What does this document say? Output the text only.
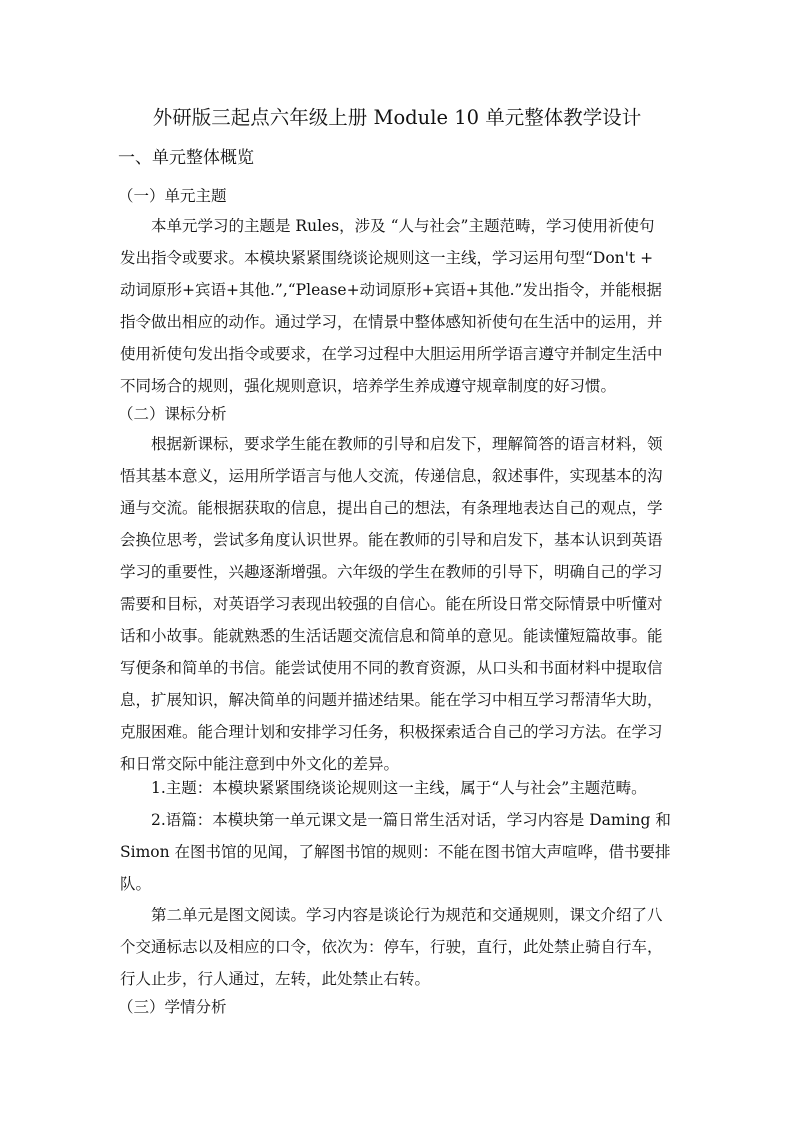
外研版三起点六年级上册 Module 10 单元整体教学设计
一、单元整体概览
（一）单元主题
本单元学习的主题是 Rules，涉及 “人与社会”主题范畴，学习使用祈使句
发出指令或要求。本模块紧紧围绕谈论规则这一主线，学习运用句型“Don't +
动词原形+宾语+其他.”,“Please+动词原形+宾语+其他.”发出指令，并能根据
指令做出相应的动作。通过学习，在情景中整体感知祈使句在生活中的运用，并
使用祈使句发出指令或要求，在学习过程中大胆运用所学语言遵守并制定生活中
不同场合的规则，强化规则意识，培养学生养成遵守规章制度的好习惯。
（二）课标分析
根据新课标，要求学生能在教师的引导和启发下，理解简答的语言材料，领
悟其基本意义，运用所学语言与他人交流，传递信息，叙述事件，实现基本的沟
通与交流。能根据获取的信息，提出自己的想法，有条理地表达自己的观点，学
会换位思考，尝试多角度认识世界。能在教师的引导和启发下，基本认识到英语
学习的重要性，兴趣逐渐增强。六年级的学生在教师的引导下，明确自己的学习
需要和目标，对英语学习表现出较强的自信心。能在所设日常交际情景中听懂对
话和小故事。能就熟悉的生活话题交流信息和简单的意见。能读懂短篇故事。能
写便条和简单的书信。能尝试使用不同的教育资源，从口头和书面材料中提取信
息，扩展知识，解决简单的问题并描述结果。能在学习中相互学习帮清华大助，
克服困难。能合理计划和安排学习任务，积极探索适合自己的学习方法。在学习
和日常交际中能注意到中外文化的差异。
1.主题：本模块紧紧围绕谈论规则这一主线，属于“人与社会”主题范畴。
2.语篇：本模块第一单元课文是一篇日常生活对话，学习内容是 Daming 和
Simon 在图书馆的见闻，了解图书馆的规则：不能在图书馆大声喧哗，借书要排
队。
第二单元是图文阅读。学习内容是谈论行为规范和交通规则，课文介绍了八
个交通标志以及相应的口令，依次为：停车，行驶，直行，此处禁止骑自行车，
行人止步，行人通过，左转，此处禁止右转。
（三）学情分析
